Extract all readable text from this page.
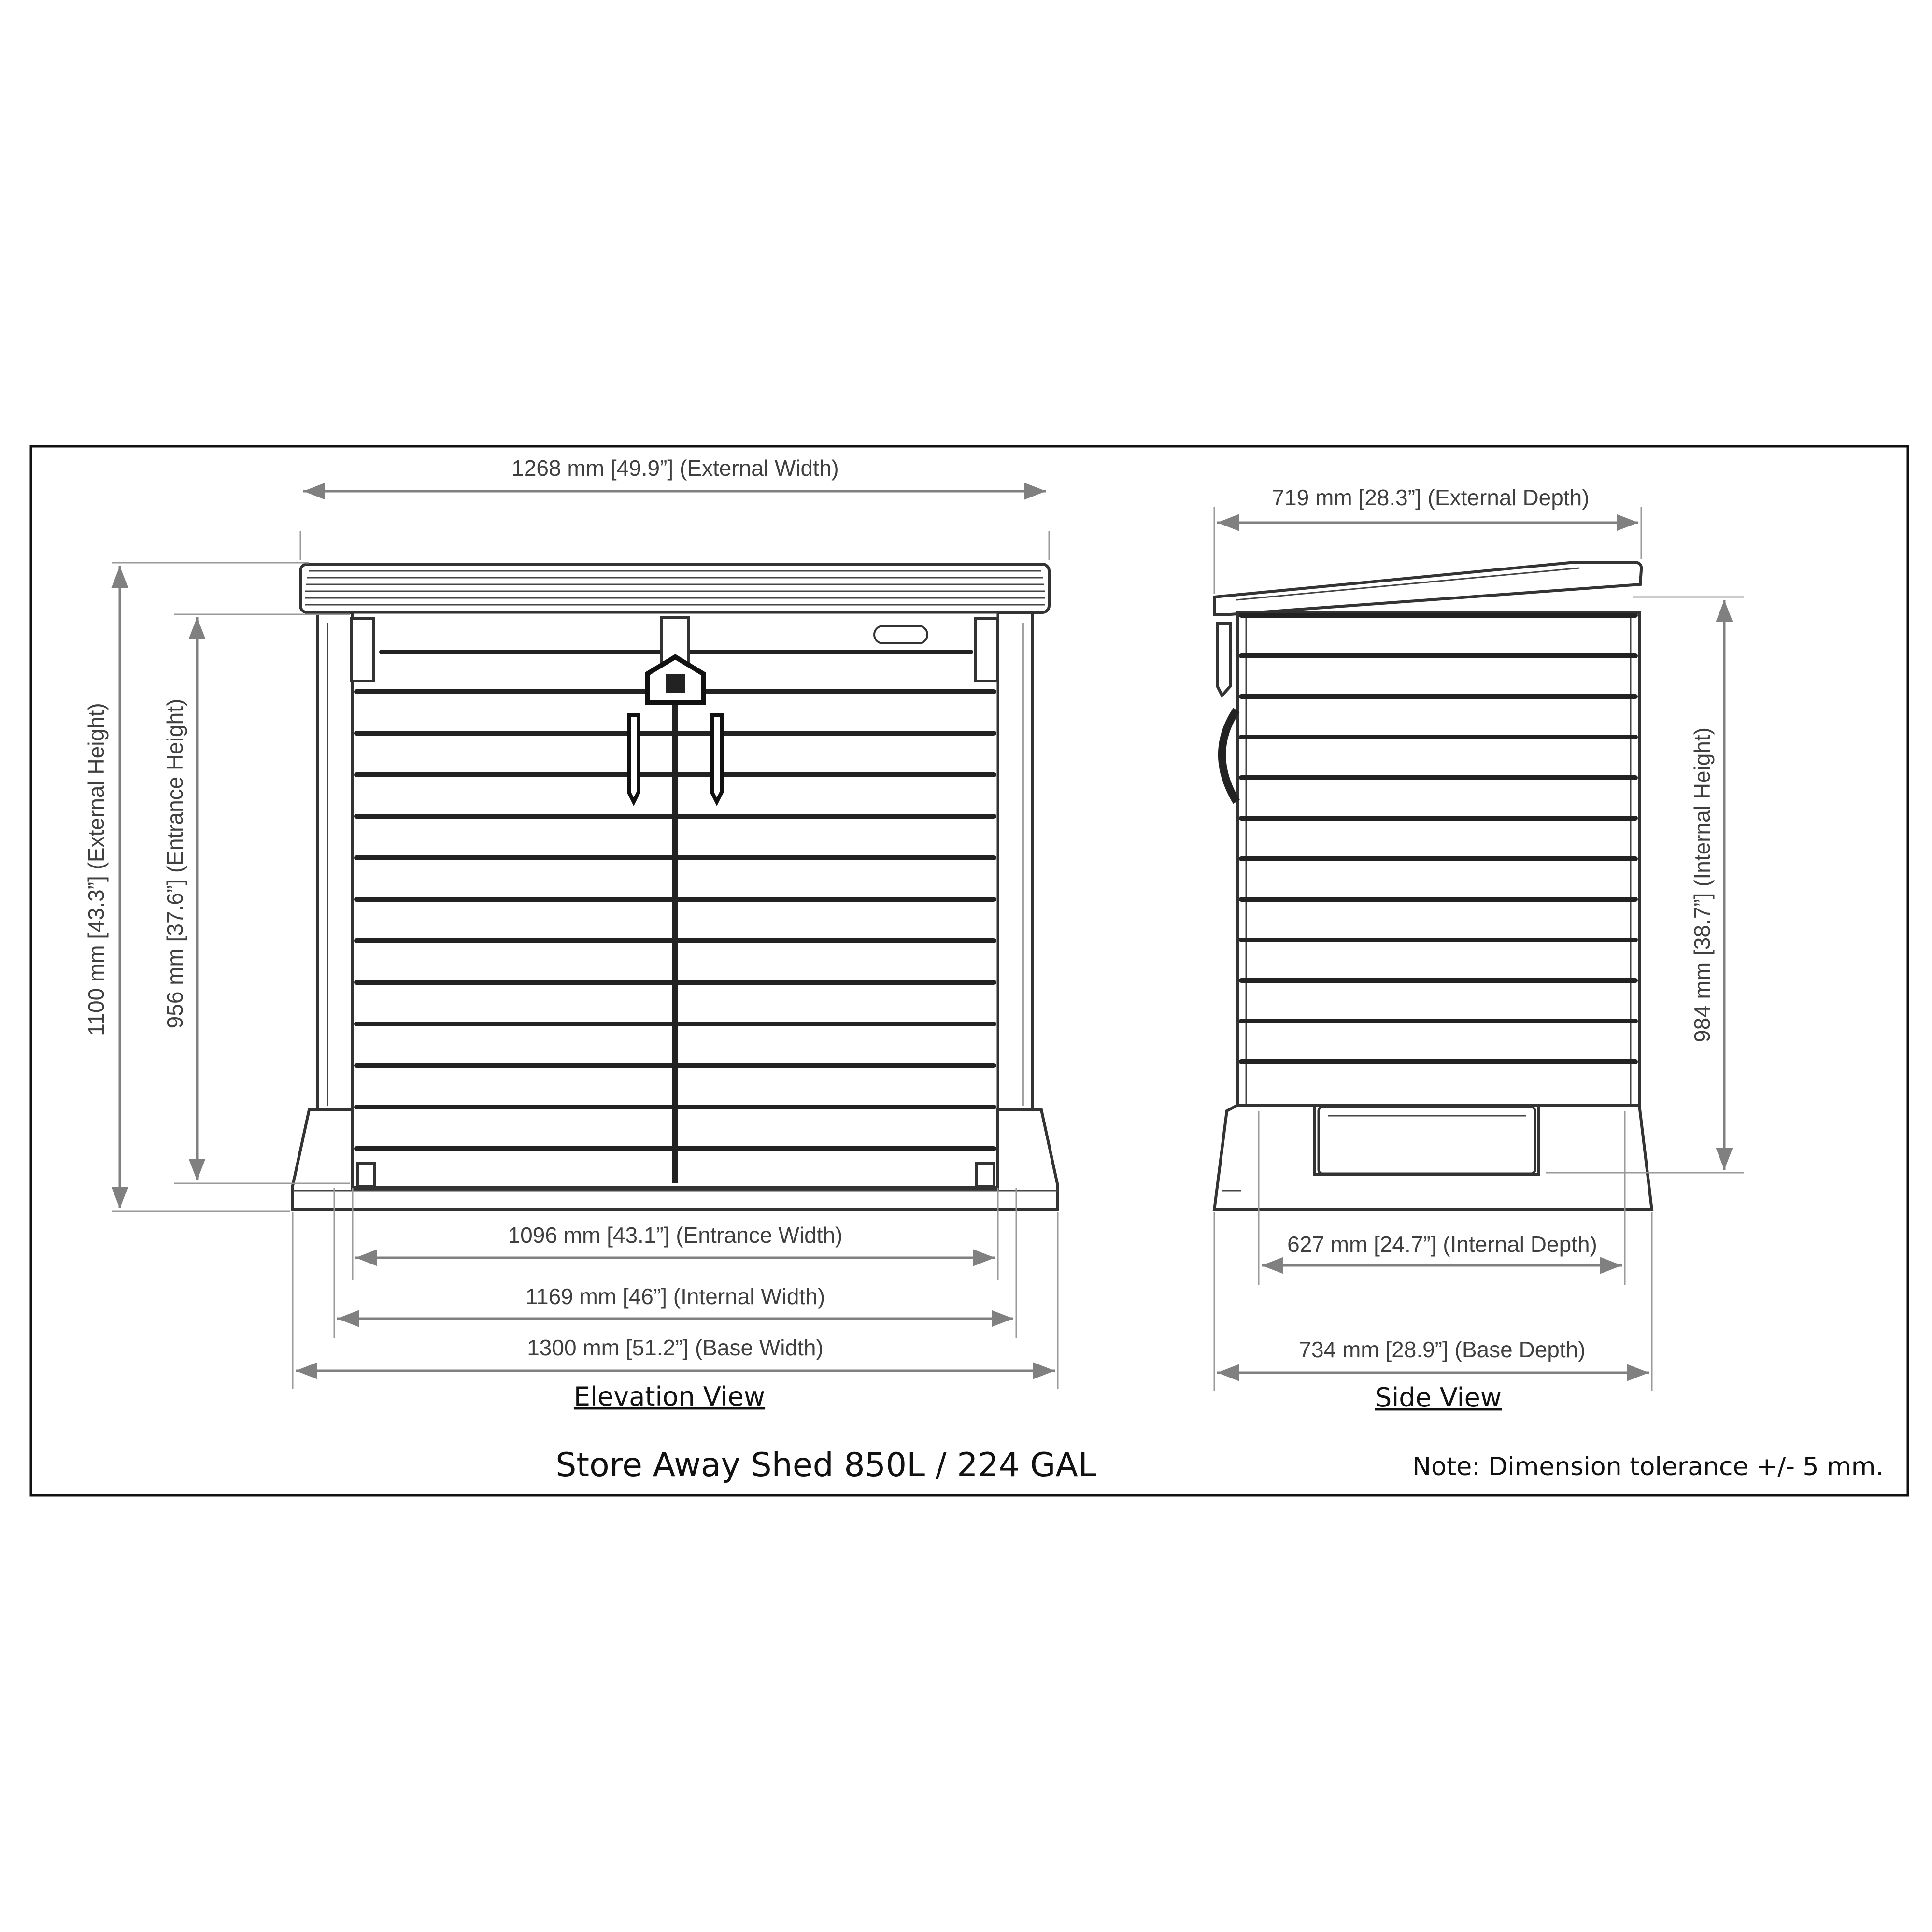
1268 mm [49.9”] (External Width)
1100 mm [43.3”] (External Height) 956 mm [37.6”] (Entrance Height)
1096 mm [43.1”] (Entrance Width)
1169 mm [46”] (Internal Width)
1300 mm [51.2”] (Base Width)
Elevation View
719 mm [28.3”] (External Depth)
984 mm [38.7”] (Internal Height)
627 mm [24.7”] (Internal Depth)
734 mm [28.9”] (Base Depth)
Side View
Store Away Shed 850L / 224 GAL	Note: Dimension tolerance +/- 5 mm.
